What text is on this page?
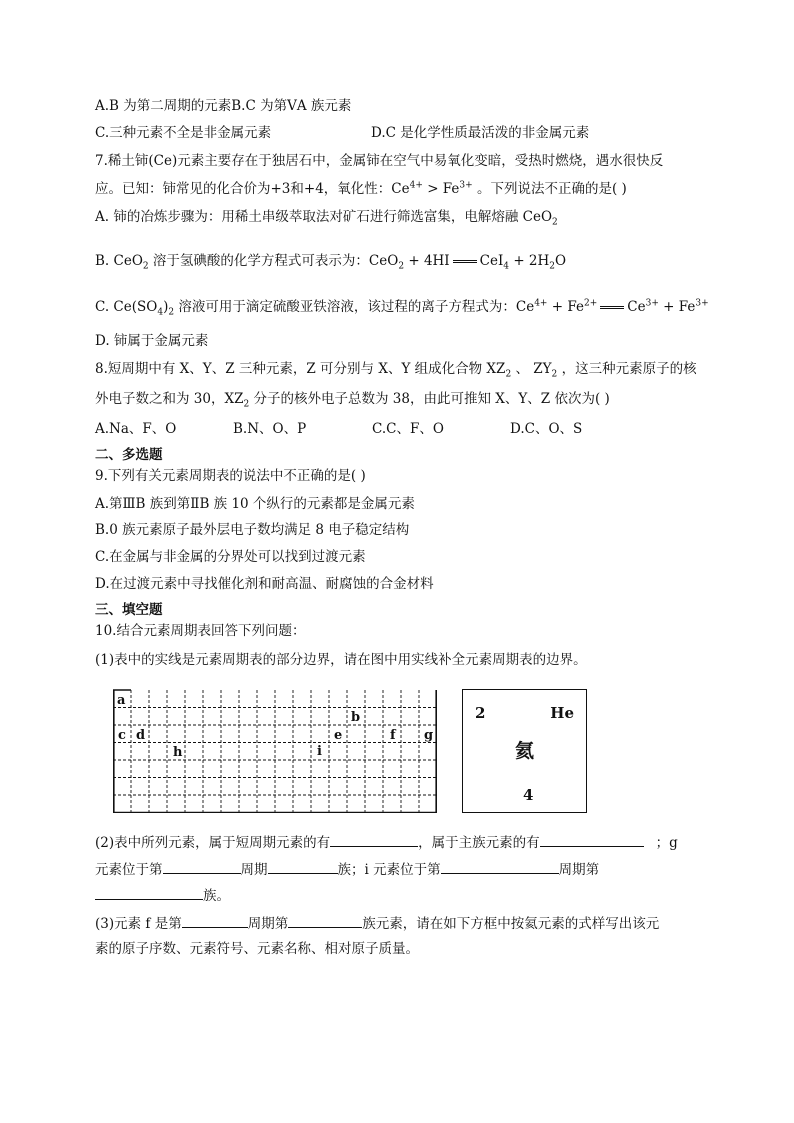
A.B 为第二周期的元素B.C 为第ⅤA 族元素
C.三种元素不全是非金属元素	D.C 是化学性质最活泼的非金属元素
7.稀土铈(Ce)元素主要存在于独居石中，金属铈在空气中易氧化变暗，受热时燃烧，遇水很快反
应。已知：铈常见的化合价为+3和+4，氧化性：$Ce^{4+} > Fe^{3+}$ 。下列说法不正确的是( )
A. 铈的冶炼步骤为：用稀土串级萃取法对矿石进行筛选富集，电解熔融 CeO$_2$
B. CeO$_2$ 溶于氢碘酸的化学方程式可表示为：CeO$_2$ + 4HI $CeI_4 + 2H_2O$
C. $Ce(SO_4)_2$ 溶液可用于滴定硫酸亚铁溶液，该过程的离子方程式为：$Ce^{4+} + Fe^{2+}$ $Ce^{3+} + Fe^{3+}$
D. 铈属于金属元素
8.短周期中有 X、Y、Z 三种元素，Z 可分别与 X、Y 组成化合物 $XZ_2$ 、 $ZY_2$ ，这三种元素原子的核
外电子数之和为 30，$XZ_2$ 分子的核外电子总数为 38，由此可推知 X、Y、Z 依次为( )
A.Na、F、O	B.N、O、P	C.C、F、O	D.C、O、S
二、多选题
9.下列有关元素周期表的说法中不正确的是( )
A.第ⅢB 族到第ⅡB 族 10 个纵行的元素都是金属元素
B.0 族元素原子最外层电子数均满足 8 电子稳定结构
C.在金属与非金属的分界处可以找到过渡元素
D.在过渡元素中寻找催化剂和耐高温、耐腐蚀的合金材料
三、填空题
10.结合元素周期表回答下列问题：
(1)表中的实线是元素周期表的部分边界，请在图中用实线补全元素周期表的边界。
a
b
c d	e	f g
h	i
2	He
氦
4
(2)表中所列元素，属于短周期元素的有	，属于主族元素的有	；g
元素位于第	周期	族；i 元素位于第	周期第
族。
(3)元素 f 是第	周期第	族元素，请在如下方框中按氦元素的式样写出该元
素的原子序数、元素符号、元素名称、相对原子质量。
